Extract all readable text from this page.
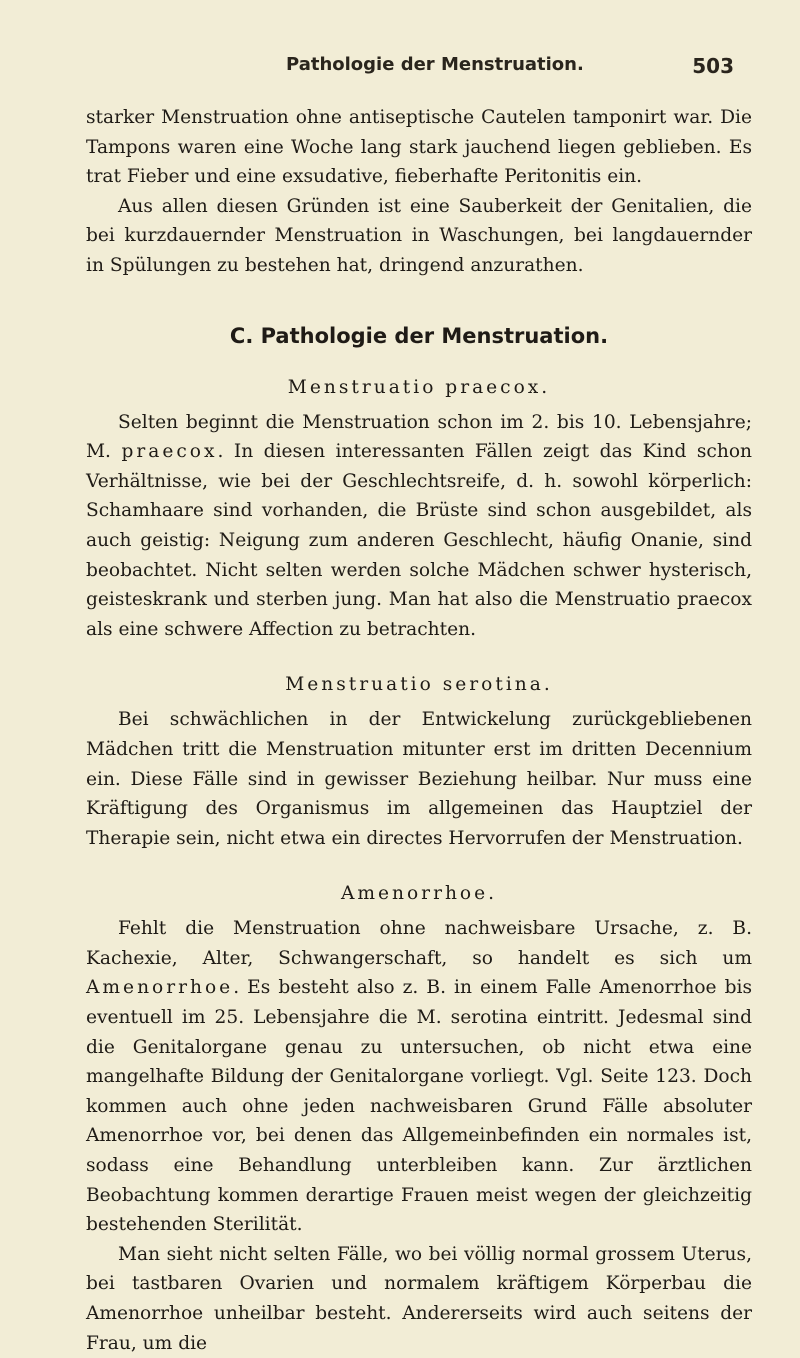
Pathologie der Menstruation.	503

starker Menstruation ohne antiseptische Cautelen tamponirt war. Die Tampons waren eine Woche lang stark jauchend liegen geblieben. Es trat Fieber und eine exsudative, fieberhafte Peritonitis ein.

Aus allen diesen Gründen ist eine Sauberkeit der Genitalien, die bei kurzdauernder Menstruation in Waschungen, bei langdauernder in Spülungen zu bestehen hat, dringend anzurathen.

C. Pathologie der Menstruation.
Menstruatio praecox.

Selten beginnt die Menstruation schon im 2. bis 10. Lebensjahre; M. praecox. In diesen interessanten Fällen zeigt das Kind schon Verhältnisse, wie bei der Geschlechtsreife, d. h. sowohl körperlich: Schamhaare sind vorhanden, die Brüste sind schon ausgebildet, als auch geistig: Neigung zum anderen Geschlecht, häufig Onanie, sind beobachtet. Nicht selten werden solche Mädchen schwer hysterisch, geisteskrank und sterben jung. Man hat also die Menstruatio praecox als eine schwere Affection zu betrachten.

Menstruatio serotina.

Bei schwächlichen in der Entwickelung zurückgebliebenen Mädchen tritt die Menstruation mitunter erst im dritten Decennium ein. Diese Fälle sind in gewisser Beziehung heilbar. Nur muss eine Kräftigung des Organismus im allgemeinen das Hauptziel der Therapie sein, nicht etwa ein directes Hervorrufen der Menstruation.

Amenorrhoe.

Fehlt die Menstruation ohne nachweisbare Ursache, z. B. Kachexie, Alter, Schwangerschaft, so handelt es sich um Amenorrhoe. Es besteht also z. B. in einem Falle Amenorrhoe bis eventuell im 25. Lebensjahre die M. serotina eintritt. Jedesmal sind die Genitalorgane genau zu untersuchen, ob nicht etwa eine mangelhafte Bildung der Genitalorgane vorliegt. Vgl. Seite 123. Doch kommen auch ohne jeden nachweisbaren Grund Fälle absoluter Amenorrhoe vor, bei denen das Allgemeinbefinden ein normales ist, sodass eine Behandlung unterbleiben kann. Zur ärztlichen Beobachtung kommen derartige Frauen meist wegen der gleichzeitig bestehenden Sterilität.

Man sieht nicht selten Fälle, wo bei völlig normal grossem Uterus, bei tastbaren Ovarien und normalem kräftigem Körperbau die Amenorrhoe unheilbar besteht. Andererseits wird auch seitens der Frau, um die
